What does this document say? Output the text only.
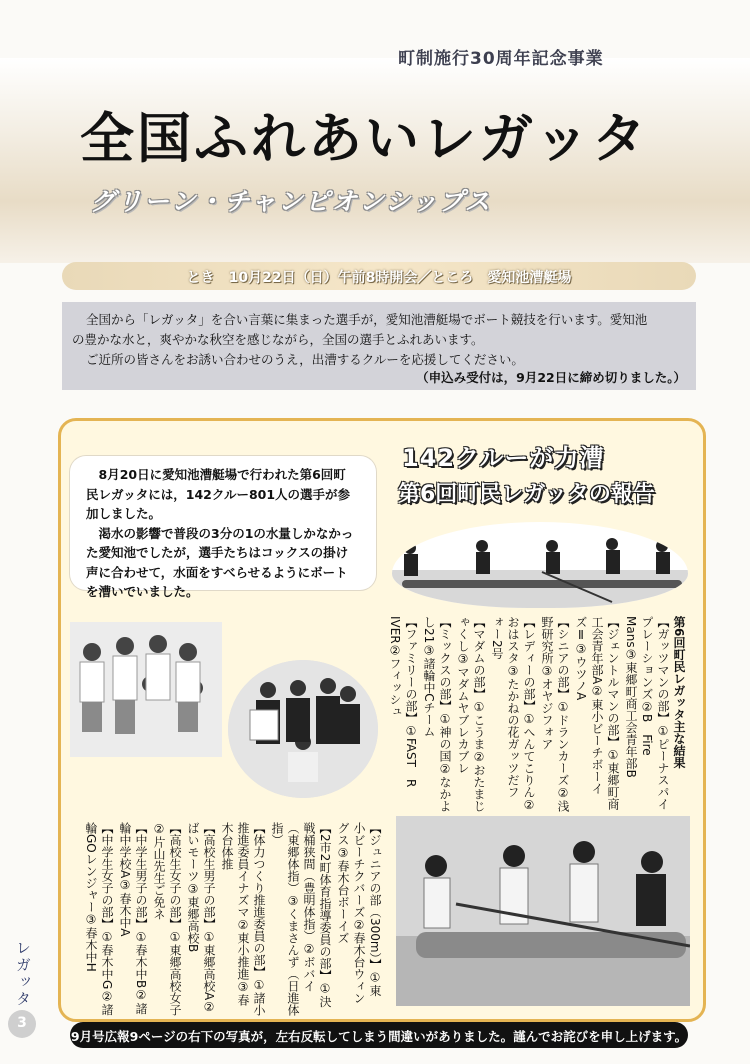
町制施行30周年記念事業
全国ふれあいレガッタ
グリーン・チャンピオンシップス
とき　10月22日（日）午前8時開会／ところ　愛知池漕艇場
全国から「レガッタ」を合い言葉に集まった選手が，愛知池漕艇場でボート競技を行います。愛知池
の豊かな水と，爽やかな秋空を感じながら，全国の選手とふれあいます。
ご近所の皆さんをお誘い合わせのうえ，出漕するクルーを応援してください。
（申込み受付は，9月22日に締め切りました。）
142クルーが力漕
第6回町民レガッタの報告
　8月20日に愛知池漕艇場で行われた第6回町
民レガッタには，142クルー801人の選手が参
加しました。
　渇水の影響で普段の3分の1の水量しかなかっ
た愛知池でしたが，選手たちはコックスの掛け
声に合わせて，水面をすべらせるようにボート
を漕いでいました。
第6回町民レガッタ主な結果
【ガッツマンの部】①ピーナスパイ
プレーションズ②B　Fire
Mans③東郷町商工会青年部B
【ジェントルマンの部】①東郷町商
工会青年部A②東小ビーチボーイ
ズⅡ③ウツノA
【シニアの部】①ドランカーズ②浅
野研究所③オヤジフォア
【レディーの部】①へんてこりん②
おはスタ③たかねの花ガッツだフ
ォー2号
【マダムの部】①こうま②おたまじ
ゃくし③マダムヤブレカブレ
【ミックスの部】①神の国②なかよ
し21③諸輪中Cチーム
【ファミリーの部】①FAST　R
IVER②フィッシュ
【ジュニアの部（300m）】①東
小ビーチクバーズ②春木台ウィン
グス③春木台ボーイズ
【2市2町体育指導委員の部】①決
戦桶狭間（豊明体指）②ボバイ
（東郷体指）③くまさんず（日進体
指）
【体力つくり推進委員の部】①諸小
推進委員イナズマ②東小推進③春
木台体推
【高校生男子の部】①東郷高校A②
ばいモーツ③東郷高校B
【高校生女子の部】①東郷高校女子
②片山先生ご免ネ
【中学生男子の部】①春木中B②諸
輪中学校A③春木中A
【中学生女子の部】①春木中G②諸
輪GOレンジャー③春木中H
レガッタ
3
9月号広報9ページの右下の写真が，左右反転してしまう間違いがありました。謹んでお詫びを申し上げます。
